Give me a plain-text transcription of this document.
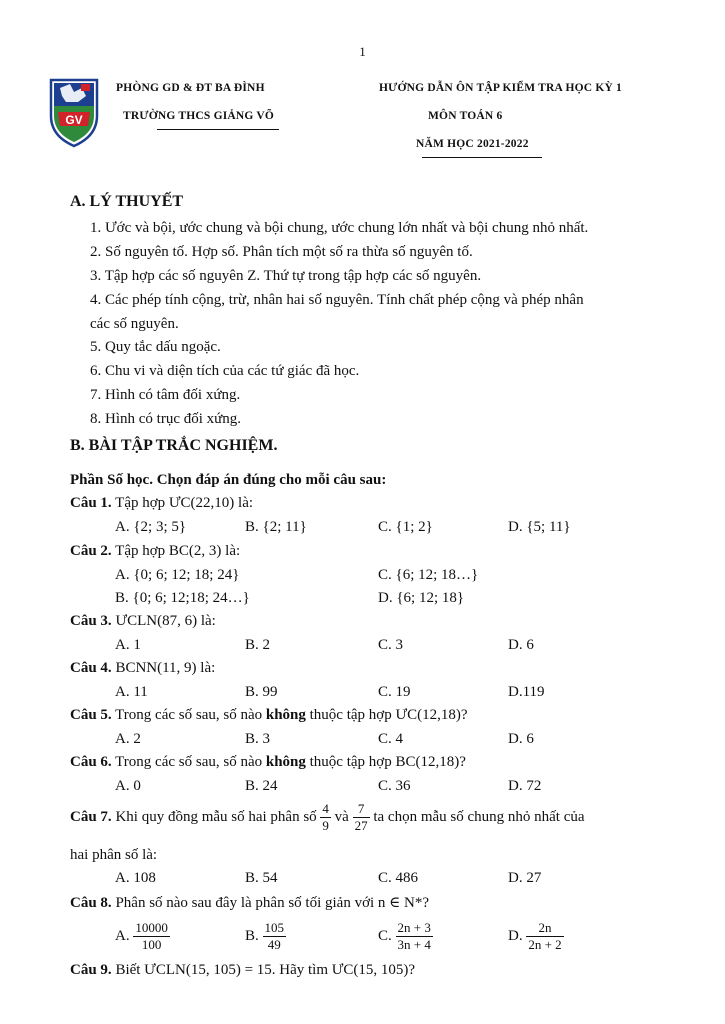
1
GV
PHÒNG GD & ĐT BA ĐÌNH
TRƯỜNG THCS GIẢNG VÕ
HƯỚNG DẪN ÔN TẬP KIỂM TRA HỌC KỲ 1
MÔN TOÁN 6
NĂM HỌC 2021-2022
A. LÝ THUYẾT
1. Ước và bội, ước chung và bội chung, ước chung lớn nhất và bội chung nhỏ nhất.
2. Số nguyên tố. Hợp số. Phân tích một số ra thừa số nguyên tố.
3. Tập hợp các số nguyên Z. Thứ tự trong tập hợp các số nguyên.
4. Các phép tính cộng, trừ, nhân hai số nguyên. Tính chất phép cộng và phép nhân
các số nguyên.
5. Quy tắc dấu ngoặc.
6. Chu vi và diện tích của các tứ giác đã học.
7. Hình có tâm đối xứng.
8. Hình có trục đối xứng.
B. BÀI TẬP TRẮC NGHIỆM.
Phần Số học. Chọn đáp án đúng cho mỗi câu sau:
Câu 1. Tập hợp ƯC(22,10) là:
A. {2; 3; 5}	B. {2; 11}	C. {1; 2}	D. {5; 11}
Câu 2. Tập hợp BC(2, 3) là:
A. {0; 6; 12; 18; 24}	C. {6; 12; 18…}
B. {0; 6; 12;18; 24…}	D. {6; 12; 18}
Câu 3. ƯCLN(87, 6) là:
A. 1	B. 2	C. 3	D. 6
Câu 4. BCNN(11, 9) là:
A. 11	B. 99	C. 19	D.119
Câu 5. Trong các số sau, số nào không thuộc tập hợp ƯC(12,18)?
A. 2	B. 3	C. 4	D. 6
Câu 6. Trong các số sau, số nào không thuộc tập hợp BC(12,18)?
A. 0	B. 24	C. 36	D. 72
Câu 7. Khi quy đồng mẫu số hai phân số $\frac{4}{9}$ và $\frac{7}{27}$ ta chọn mẫu số chung nhỏ nhất của
hai phân số là:
A. 108	B. 54	C. 486	D. 27
Câu 8. Phân số nào sau đây là phân số tối giản với n ∈ N*?
A. $\frac{10000}{100}$	B. $\frac{105}{49}$	C. $\frac{2n + 3}{3n + 4}$	D. $\frac{2n}{2n + 2}$
Câu 9. Biết ƯCLN(15, 105) = 15. Hãy tìm ƯC(15, 105)?
